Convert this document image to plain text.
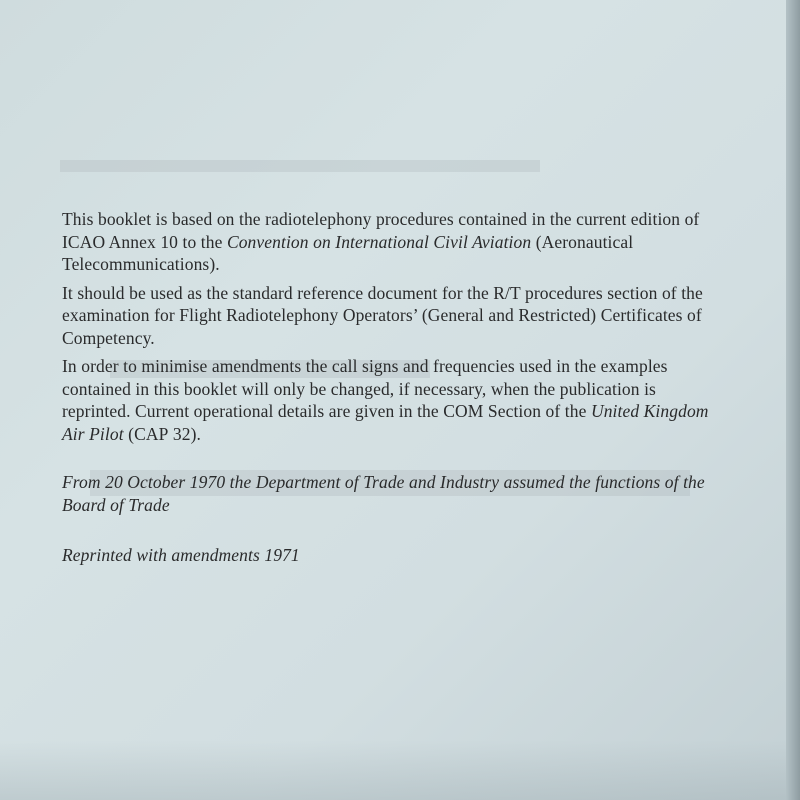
This booklet is based on the radiotelephony procedures contained in the current edition of ICAO Annex 10 to the Convention on International Civil Aviation (Aeronautical Telecommunications).

It should be used as the standard reference document for the R/T procedures section of the examination for Flight Radiotelephony Operators’ (General and Restricted) Certificates of Competency.

In order to minimise amendments the call signs and frequencies used in the examples contained in this booklet will only be changed, if necessary, when the publication is reprinted. Current operational details are given in the COM Section of the United Kingdom Air Pilot (CAP 32).

From 20 October 1970 the Department of Trade and Industry assumed the functions of the Board of Trade

Reprinted with amendments 1971
